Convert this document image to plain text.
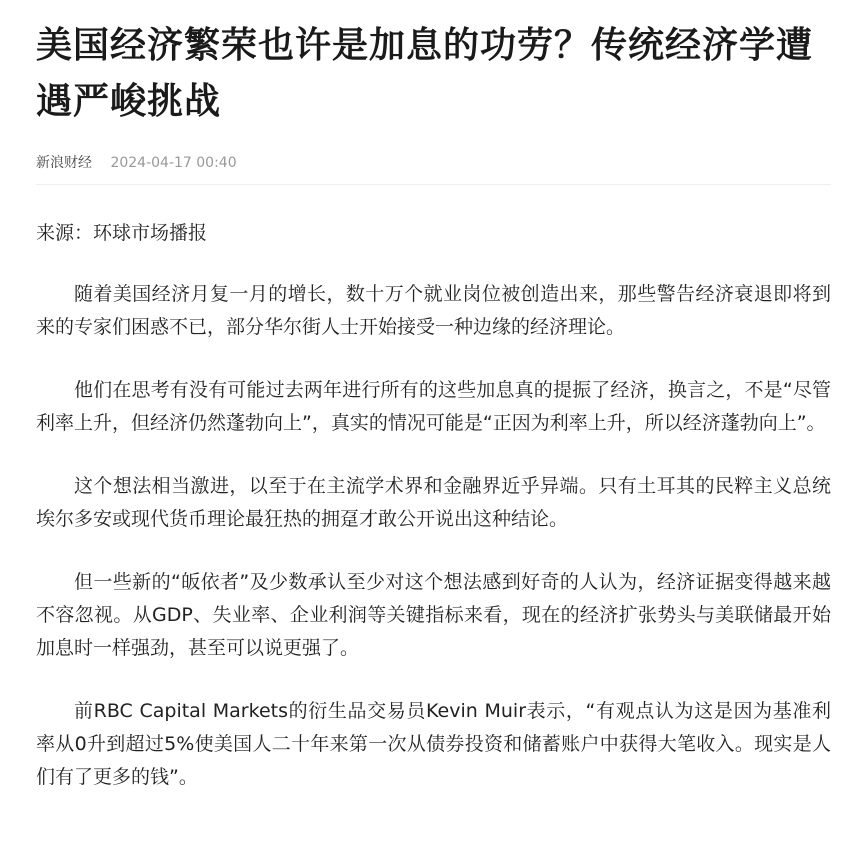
美国经济繁荣也许是加息的功劳？传统经济学遭遇严峻挑战
新浪财经 2024-04-17 00:40

来源：环球市场播报

随着美国经济月复一月的增长，数十万个就业岗位被创造出来，那些警告经济衰退即将到来的专家们困惑不已，部分华尔街人士开始接受一种边缘的经济理论。

他们在思考有没有可能过去两年进行所有的这些加息真的提振了经济，换言之，不是“尽管利率上升，但经济仍然蓬勃向上”，真实的情况可能是“正因为利率上升，所以经济蓬勃向上”。

这个想法相当激进，以至于在主流学术界和金融界近乎异端。只有土耳其的民粹主义总统埃尔多安或现代货币理论最狂热的拥趸才敢公开说出这种结论。

但一些新的“皈依者”及少数承认至少对这个想法感到好奇的人认为，经济证据变得越来越不容忽视。从GDP、失业率、企业利润等关键指标来看，现在的经济扩张势头与美联储最开始加息时一样强劲，甚至可以说更强了。

前RBC Capital Markets的衍生品交易员Kevin Muir表示，“有观点认为这是因为基准利率从0升到超过5%使美国人二十年来第一次从债券投资和储蓄账户中获得大笔收入。现实是人们有了更多的钱”。
